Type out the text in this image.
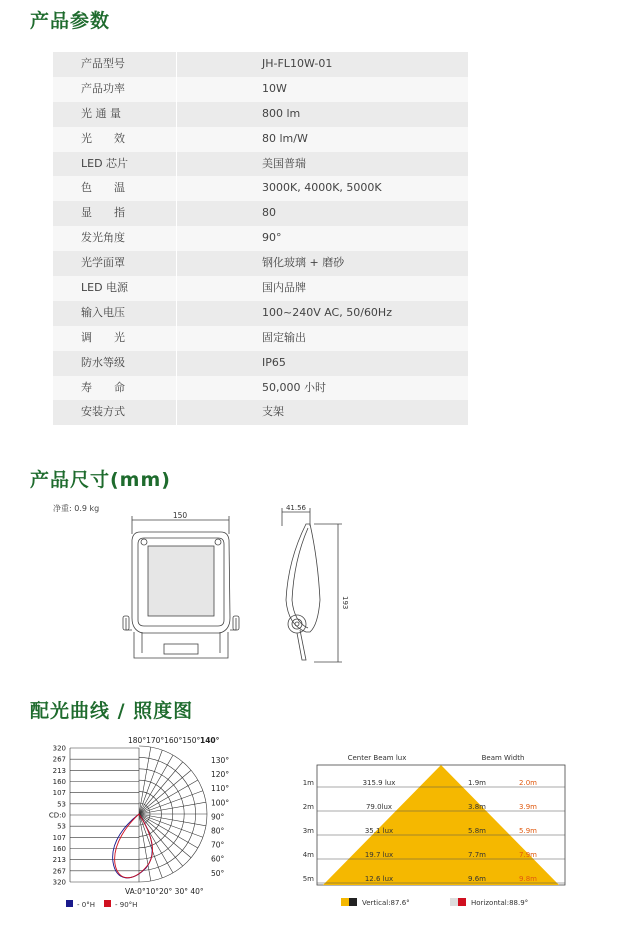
产品参数
产品型号	JH-FL10W-01
产品功率	10W
光 通 量	800 lm
光　　效	80 lm/W
LED 芯片	美国普瑞
色　　温	3000K, 4000K, 5000K
显　　指	80
发光角度	90°
光学面罩	钢化玻璃 + 磨砂
LED 电源	国内品牌
输入电压	100~240V AC, 50/60Hz
调　　光	固定输出
防水等级	IP65
寿　　命	50,000 小时
安装方式	支架
产品尺寸(mm)
净重: 0.9 kg
150
41.56
193
配光曲线 / 照度图
320
267
213
160
107
53
CD:0
53
107
160
213
267
320
130°
120°
110°
100°
90°
80°
70°
60°
50°
180°170°160°150° 140°
VA:0°10°20° 30° 40°
- 0°H	- 90°H
Center Beam lux	Beam Width
1m	315.9 lux	1.9m	2.0m
2m	79.0lux	3.8m	3.9m
3m	35.1 lux	5.8m	5.9m
4m	19.7 lux	7.7m	7.9m
5m	12.6 lux	9.6m	9.8m
Vertical:87.6°	Horizontal:88.9°
